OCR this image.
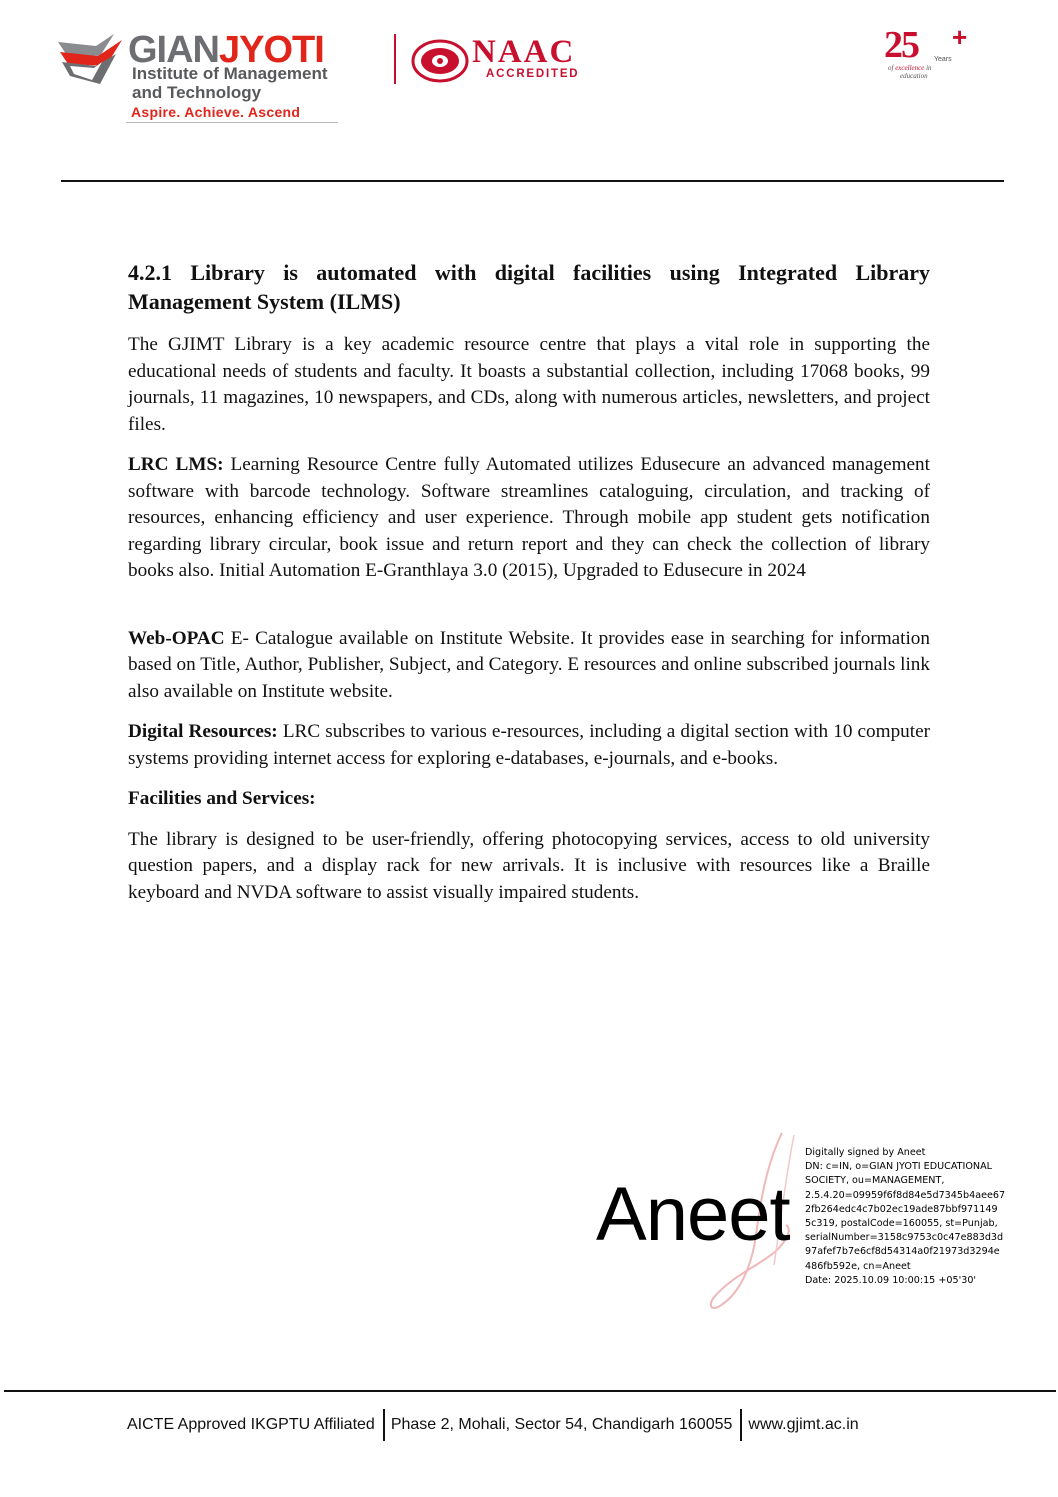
GIANJYOTI
Institute of Management
and Technology
Aspire. Achieve. Ascend
NAAC
ACCREDITED
25 +
Years
of excellence in
education
4.2.1 Library is automated with digital facilities using Integrated Library Management System (ILMS)

The GJIMT Library is a key academic resource centre that plays a vital role in supporting the educational needs of students and faculty. It boasts a substantial collection, including 17068 books, 99 journals, 11 magazines, 10 newspapers, and CDs, along with numerous articles, newsletters, and project files.

LRC LMS: Learning Resource Centre fully Automated utilizes Edusecure an advanced management software with barcode technology. Software streamlines cataloguing, circulation, and tracking of resources, enhancing efficiency and user experience. Through mobile app student gets notification regarding library circular, book issue and return report and they can check the collection of library books also. Initial Automation E-Granthlaya 3.0 (2015), Upgraded to Edusecure in 2024

Web-OPAC E- Catalogue available on Institute Website. It provides ease in searching for information based on Title, Author, Publisher, Subject, and Category. E resources and online subscribed journals link also available on Institute website.

Digital Resources: LRC subscribes to various e-resources, including a digital section with 10 computer systems providing internet access for exploring e-databases, e-journals, and e-books.

Facilities and Services:

The library is designed to be user-friendly, offering photocopying services, access to old university question papers, and a display rack for new arrivals. It is inclusive with resources like a Braille keyboard and NVDA software to assist visually impaired students.

Aneet
Digitally signed by Aneet
DN: c=IN, o=GIAN JYOTI EDUCATIONAL
SOCIETY, ou=MANAGEMENT,
2.5.4.20=09959f6f8d84e5d7345b4aee67
2fb264edc4c7b02ec19ade87bbf971149
5c319, postalCode=160055, st=Punjab,
serialNumber=3158c9753c0c47e883d3d
97afef7b7e6cf8d54314a0f21973d3294e
486fb592e, cn=Aneet
Date: 2025.10.09 10:00:15 +05'30'
AICTE Approved IKGPTU Affiliated Phase 2, Mohali, Sector 54, Chandigarh 160055 www.gjimt.ac.in
